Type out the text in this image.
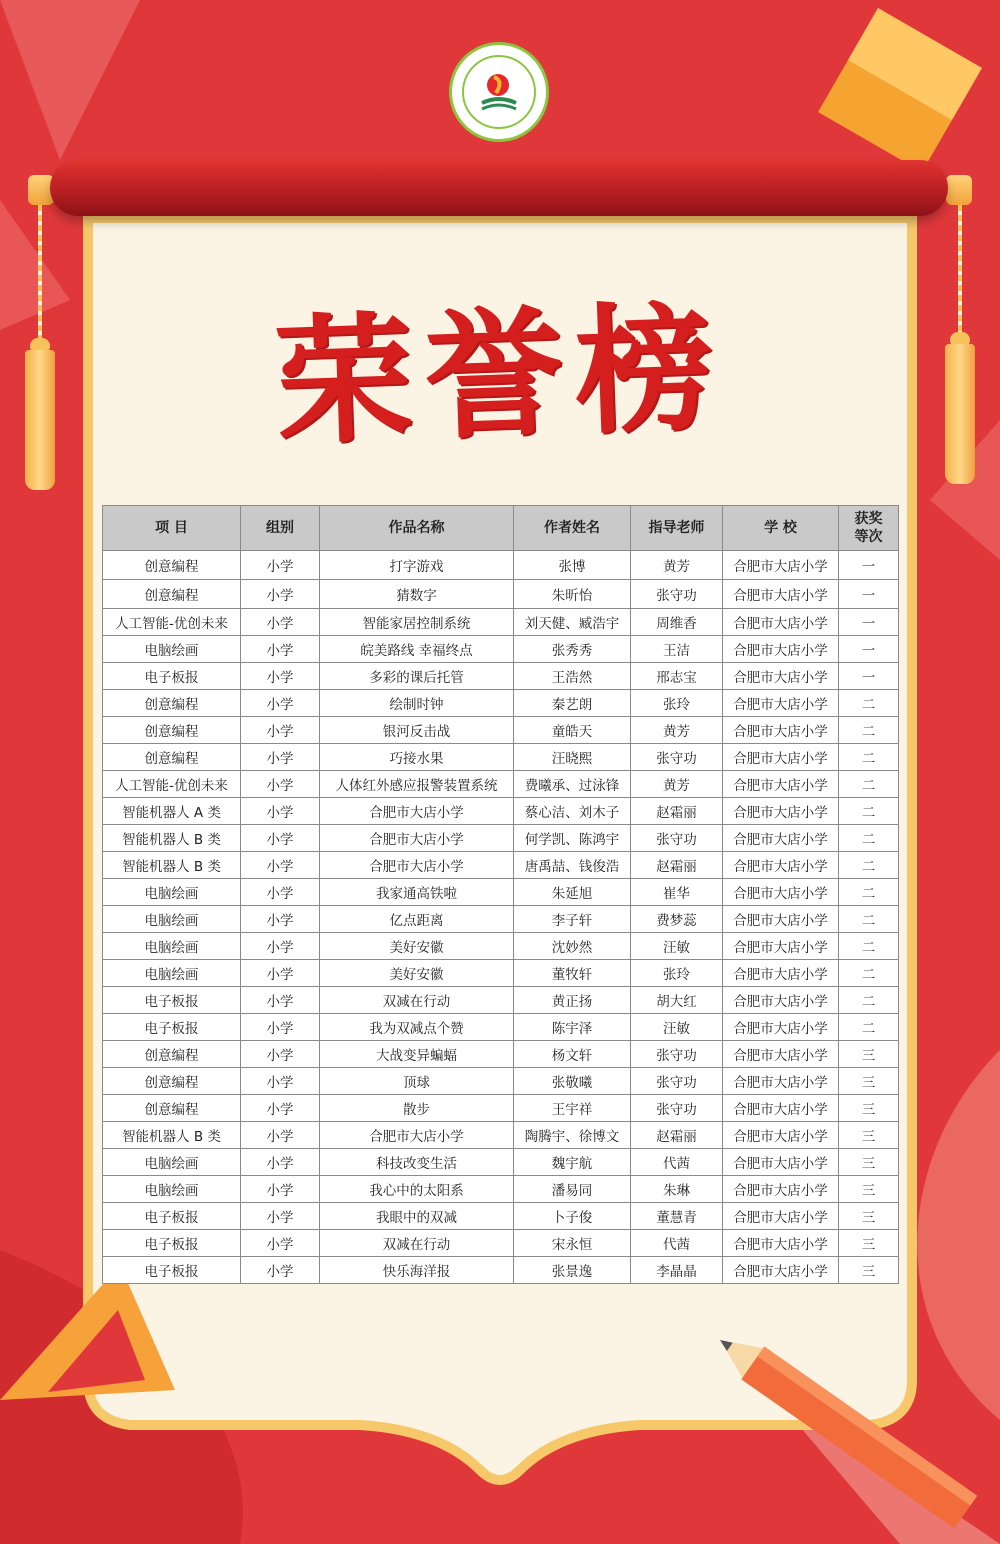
荣誉榜
项 目	组别	作品名称	作者姓名	指导老师	学 校	获奖等次
创意编程	小学	打字游戏	张博	黄芳	合肥市大店小学	一
创意编程	小学	猜数字	朱昕怡	张守功	合肥市大店小学	一
人工智能-优创未来	小学	智能家居控制系统	刘天健、臧浩宇	周维香	合肥市大店小学	一
电脑绘画	小学	皖美路线 幸福终点	张秀秀	王洁	合肥市大店小学	一
电子板报	小学	多彩的课后托管	王浩然	邢志宝	合肥市大店小学	一
创意编程	小学	绘制时钟	秦艺朗	张玲	合肥市大店小学	二
创意编程	小学	银河反击战	童皓天	黄芳	合肥市大店小学	二
创意编程	小学	巧接水果	汪晓熙	张守功	合肥市大店小学	二
人工智能-优创未来	小学	人体红外感应报警装置系统	费曦承、过泳锋	黄芳	合肥市大店小学	二
智能机器人 A 类	小学	合肥市大店小学	蔡心洁、刘木子	赵霜丽	合肥市大店小学	二
智能机器人 B 类	小学	合肥市大店小学	何学凯、陈鸿宇	张守功	合肥市大店小学	二
智能机器人 B 类	小学	合肥市大店小学	唐禹喆、钱俊浩	赵霜丽	合肥市大店小学	二
电脑绘画	小学	我家通高铁啦	朱延旭	崔华	合肥市大店小学	二
电脑绘画	小学	亿点距离	李子轩	费梦蕊	合肥市大店小学	二
电脑绘画	小学	美好安徽	沈妙然	汪敏	合肥市大店小学	二
电脑绘画	小学	美好安徽	董牧轩	张玲	合肥市大店小学	二
电子板报	小学	双减在行动	黄正扬	胡大红	合肥市大店小学	二
电子板报	小学	我为双减点个赞	陈宇泽	汪敏	合肥市大店小学	二
创意编程	小学	大战变异蝙蝠	杨文轩	张守功	合肥市大店小学	三
创意编程	小学	顶球	张敬曦	张守功	合肥市大店小学	三
创意编程	小学	散步	王宇祥	张守功	合肥市大店小学	三
智能机器人 B 类	小学	合肥市大店小学	陶腾宇、徐博文	赵霜丽	合肥市大店小学	三
电脑绘画	小学	科技改变生活	魏宇航	代茜	合肥市大店小学	三
电脑绘画	小学	我心中的太阳系	潘易同	朱琳	合肥市大店小学	三
电子板报	小学	我眼中的双减	卜子俊	董慧青	合肥市大店小学	三
电子板报	小学	双减在行动	宋永恒	代茜	合肥市大店小学	三
电子板报	小学	快乐海洋报	张景逸	李晶晶	合肥市大店小学	三
